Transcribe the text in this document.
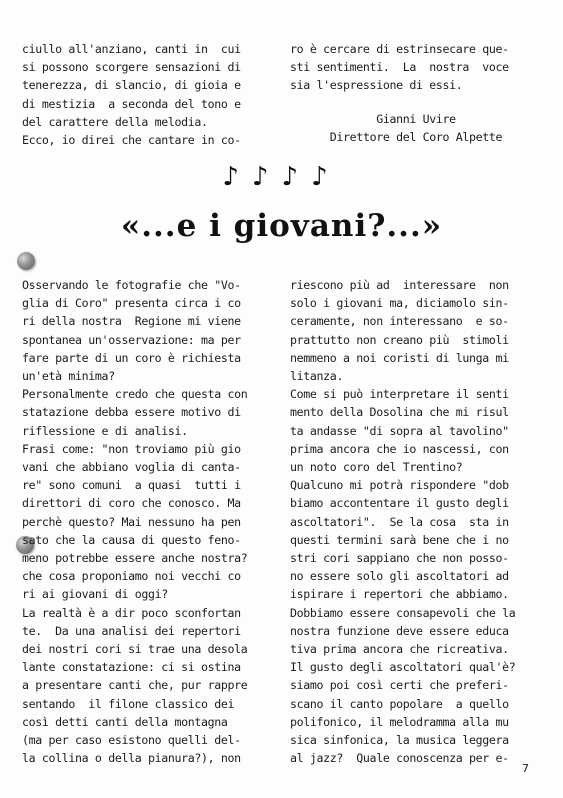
ciullo all'anziano, canti in  cui
si possono scorgere sensazioni di
tenerezza, di slancio, di gioia e
di mestizia  a seconda del tono e
del carattere della melodia.
Ecco, io direi che cantare in co-
ro è cercare di estrinsecare que-
sti sentimenti.  La  nostra  voce
sia l'espressione di essi.
Gianni Uvire
Direttore del Coro Alpette
♪♪♪♪
«...e i giovani?...»
Osservando le fotografie che "Vo-
glia di Coro" presenta circa i co
ri della nostra  Regione mi viene
spontanea un'osservazione: ma per
fare parte di un coro è richiesta
un'età minima?
Personalmente credo che questa con
statazione debba essere motivo di
riflessione e di analisi.
Frasi come: "non troviamo più gio
vani che abbiano voglia di canta-
re" sono comuni  a quasi  tutti i
direttori di coro che conosco. Ma
perchè questo? Mai nessuno ha pen
sato che la causa di questo feno-
meno potrebbe essere anche nostra?
che cosa proponiamo noi vecchi co
ri ai giovani di oggi?
La realtà è a dir poco sconfortan
te.  Da una analisi dei repertori
dei nostri cori si trae una desola
lante constatazione: ci si ostina
a presentare canti che, pur rappre
sentando  il filone classico dei
così detti canti della montagna
(ma per caso esistono quelli del-
la collina o della pianura?), non
riescono più ad  interessare  non
solo i giovani ma, diciamolo sin-
ceramente, non interessano  e so-
prattutto non creano più  stimoli
nemmeno a noi coristi di lunga mi
litanza.
Come si può interpretare il senti
mento della Dosolina che mi risul
ta andasse "di sopra al tavolino"
prima ancora che io nascessi, con
un noto coro del Trentino?
Qualcuno mi potrà rispondere "dob
biamo accontentare il gusto degli
ascoltatori".  Se la cosa  sta in
questi termini sarà bene che i no
stri cori sappiano che non posso-
no essere solo gli ascoltatori ad
ispirare i repertori che abbiamo.
Dobbiamo essere consapevoli che la
nostra funzione deve essere educa
tiva prima ancora che ricreativa.
Il gusto degli ascoltatori qual'è?
siamo poi così certi che preferi-
scano il canto popolare  a quello
polifonico, il melodramma alla mu
sica sinfonica, la musica leggera
al jazz?  Quale conoscenza per e-
7
